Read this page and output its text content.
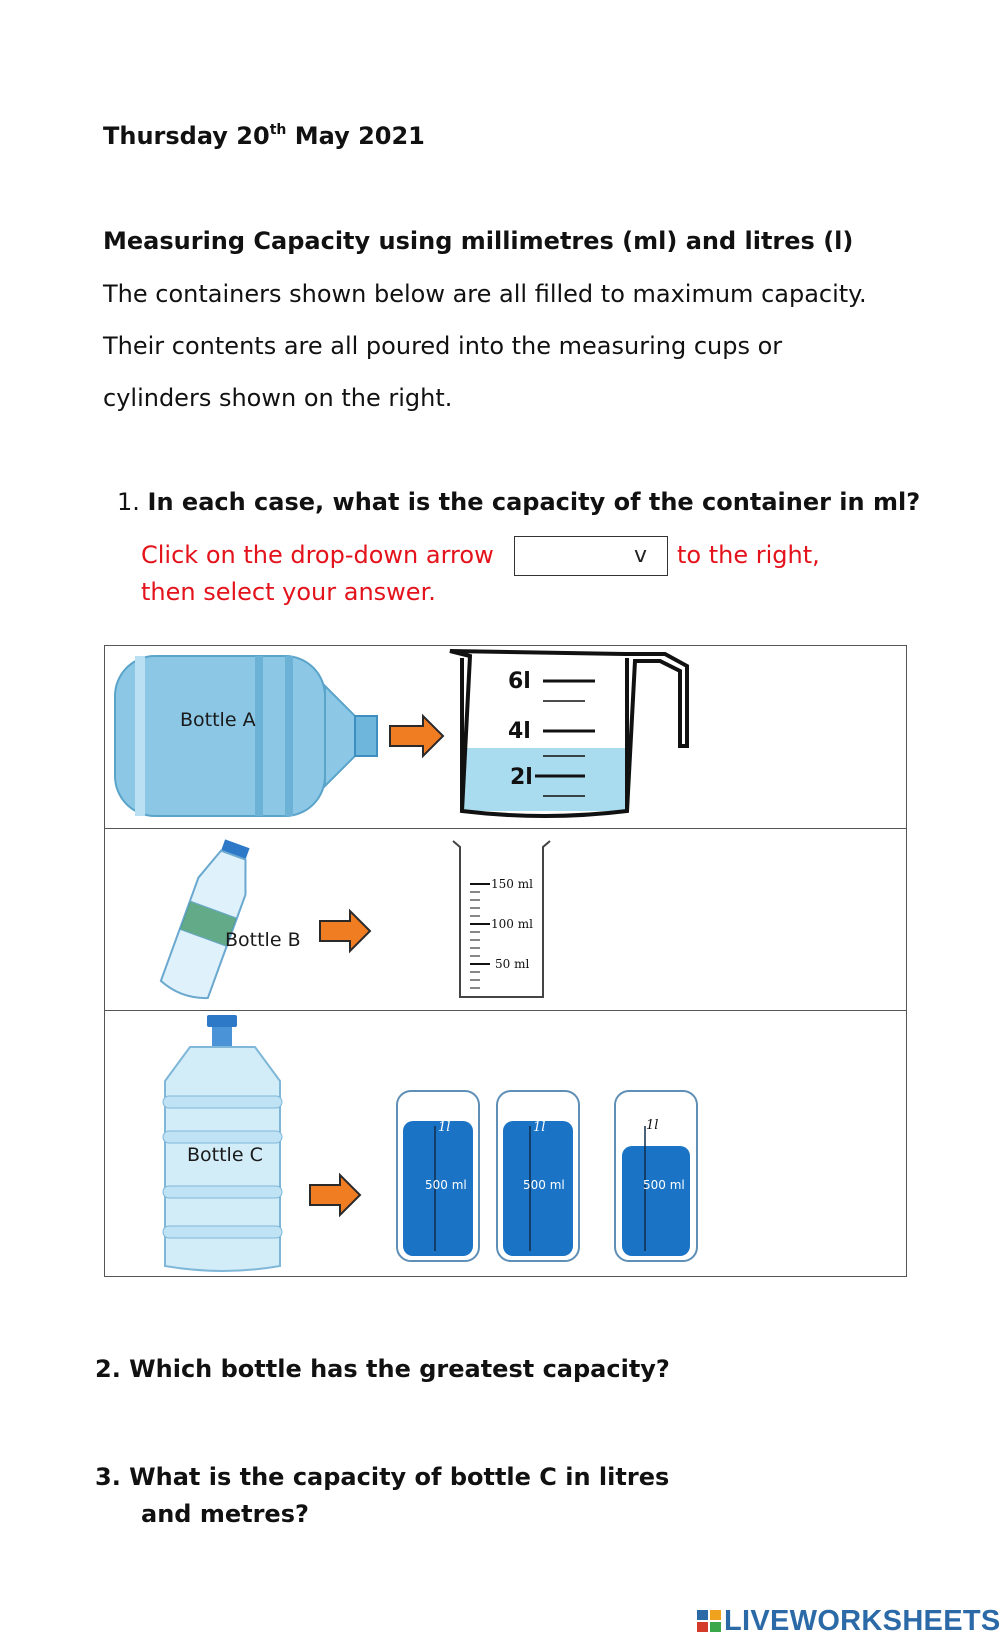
Thursday 20th May 2021
Measuring Capacity using millimetres (ml) and litres (l)
The containers shown below are all filled to maximum capacity.
Their contents are all poured into the measuring cups or
cylinders shown on the right.
1. In each case, what is the capacity of the container in ml?
Click on the drop-down arrow	v to the right,
then select your answer.
Bottle A
6l
4l
2l
Bottle B
150 ml
100 ml
50 ml
Bottle C
1l
500 ml
1l
500 ml
1l
500 ml
2. Which bottle has the greatest capacity?
3. What is the capacity of bottle C in litres
and metres?
LIVEWORKSHEETS
